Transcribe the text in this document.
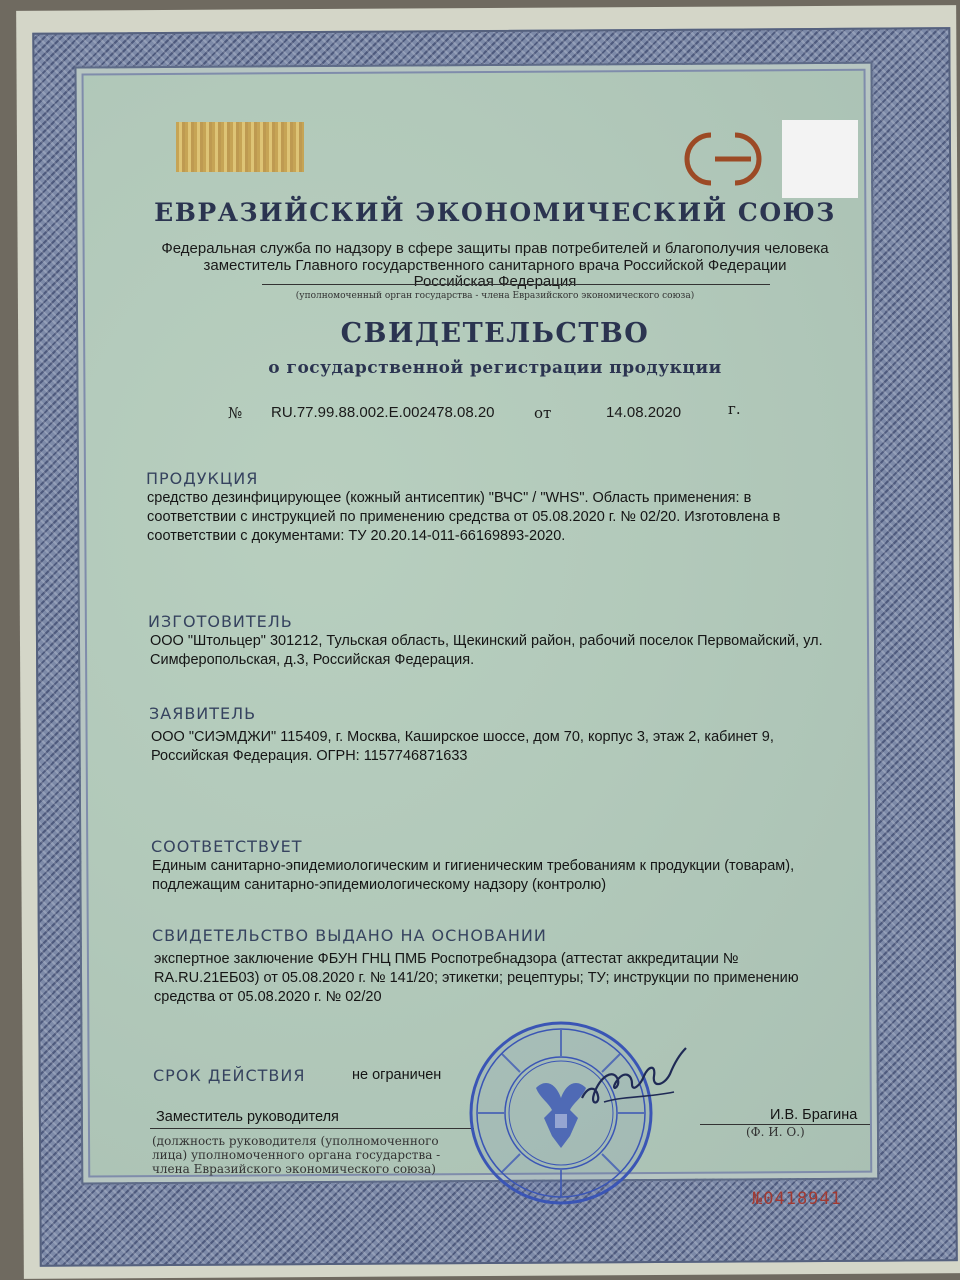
ЕВРАЗИЙСКИЙ ЭКОНОМИЧЕСКИЙ СОЮЗ
Федеральная служба по надзору в сфере защиты прав потребителей и благополучия человека
заместитель Главного государственного санитарного врача Российской Федерации
Российская Федерация
(уполномоченный орган государства - члена Евразийского экономического союза)
СВИДЕТЕЛЬСТВО
о государственной регистрации продукции
№ RU.77.99.88.002.Е.002478.08.20	от	14.08.2020	г.
ПРОДУКЦИЯ
средство дезинфицирующее (кожный антисептик) "ВЧС" / "WHS". Область применения: в
соответствии с инструкцией по применению средства от 05.08.2020 г. № 02/20. Изготовлена в
соответствии с документами: ТУ 20.20.14-011-66169893-2020.
ИЗГОТОВИТЕЛЬ
ООО "Штольцер" 301212, Тульская область, Щекинский район, рабочий поселок Первомайский, ул.
Симферопольская, д.3, Российская Федерация.
ЗАЯВИТЕЛЬ
ООО "СИЭМДЖИ" 115409, г. Москва, Каширское шоссе, дом 70, корпус 3, этаж 2, кабинет 9,
Российская Федерация. ОГРН: 1157746871633
СООТВЕТСТВУЕТ
Единым санитарно-эпидемиологическим и гигиеническим требованиям к продукции (товарам),
подлежащим санитарно-эпидемиологическому надзору (контролю)
СВИДЕТЕЛЬСТВО ВЫДАНО НА ОСНОВАНИИ
экспертное заключение ФБУН ГНЦ ПМБ Роспотребнадзора (аттестат аккредитации №
RA.RU.21ЕБ03) от 05.08.2020 г. № 141/20; этикетки; рецептуры; ТУ; инструкции по применению
средства от 05.08.2020 г. № 02/20
СРОК ДЕЙСТВИЯ	не ограничен
Заместитель руководителя
(должность руководителя (уполномоченного
лица) уполномоченного органа государства -
члена Евразийского экономического союза)
И.В. Брагина
(Ф. И. О.)
№0418941
